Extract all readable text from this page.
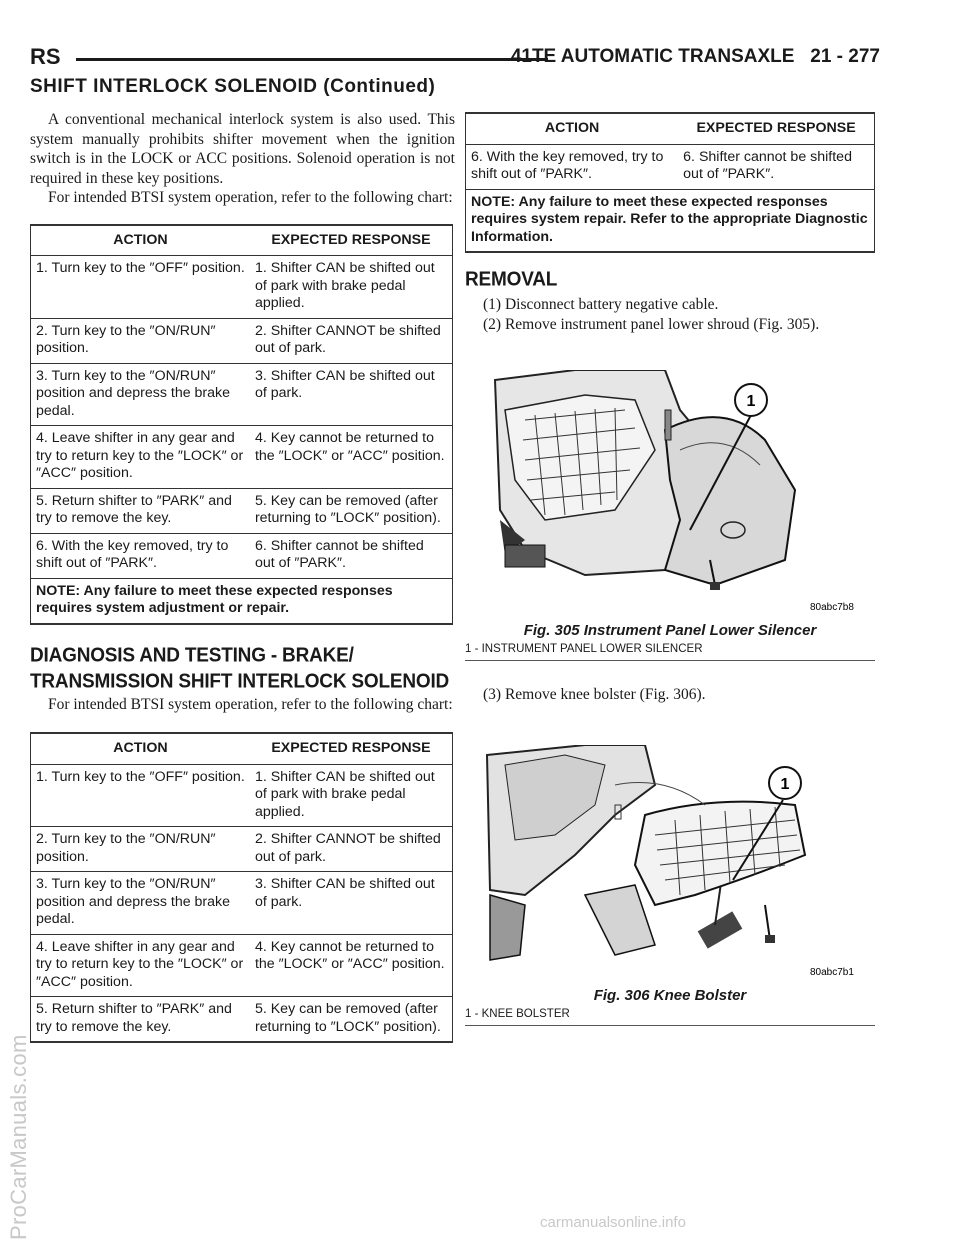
RS	41TE AUTOMATIC TRANSAXLE 21 - 277
SHIFT INTERLOCK SOLENOID (Continued)

A conventional mechanical interlock system is also used. This system manually prohibits shifter movement when the ignition switch is in the LOCK or ACC positions. Solenoid operation is not required in these key positions.

For intended BTSI system operation, refer to the following chart:

ACTION	EXPECTED RESPONSE
1. Turn key to the ″OFF″ position.	1. Shifter CAN be shifted out of park with brake pedal applied.
2. Turn key to the ″ON/RUN″ position.	2. Shifter CANNOT be shifted out of park.
3. Turn key to the ″ON/RUN″ position and depress the brake pedal.	3. Shifter CAN be shifted out of park.
4. Leave shifter in any gear and try to return key to the ″LOCK″ or ″ACC″ position.	4. Key cannot be returned to the ″LOCK″ or ″ACC″ position.
5. Return shifter to ″PARK″ and try to remove the key.	5. Key can be removed (after returning to ″LOCK″ position).
6. With the key removed, try to shift out of ″PARK″.	6. Shifter cannot be shifted out of ″PARK″.
NOTE: Any failure to meet these expected responses requires system adjustment or repair.	
DIAGNOSIS AND TESTING - BRAKE/ TRANSMISSION SHIFT INTERLOCK SOLENOID

For intended BTSI system operation, refer to the following chart:

ACTION	EXPECTED RESPONSE
1. Turn key to the ″OFF″ position.	1. Shifter CAN be shifted out of park with brake pedal applied.
2. Turn key to the ″ON/RUN″ position.	2. Shifter CANNOT be shifted out of park.
3. Turn key to the ″ON/RUN″ position and depress the brake pedal.	3. Shifter CAN be shifted out of park.
4. Leave shifter in any gear and try to return key to the ″LOCK″ or ″ACC″ position.	4. Key cannot be returned to the ″LOCK″ or ″ACC″ position.
5. Return shifter to ″PARK″ and try to remove the key.	5. Key can be removed (after returning to ″LOCK″ position).
ACTION	EXPECTED RESPONSE
6. With the key removed, try to shift out of ″PARK″.	6. Shifter cannot be shifted out of ″PARK″.
NOTE: Any failure to meet these expected responses requires system repair. Refer to the appropriate Diagnostic Information.	
REMOVAL

(1) Disconnect battery negative cable.

(2) Remove instrument panel lower shroud (Fig. 305).

1
80abc7b8
Fig. 305 Instrument Panel Lower Silencer
1 - INSTRUMENT PANEL LOWER SILENCER

(3) Remove knee bolster (Fig. 306).

1
80abc7b1
Fig. 306 Knee Bolster
1 - KNEE BOLSTER
ProCarManuals.com	carmanualsonline.info
